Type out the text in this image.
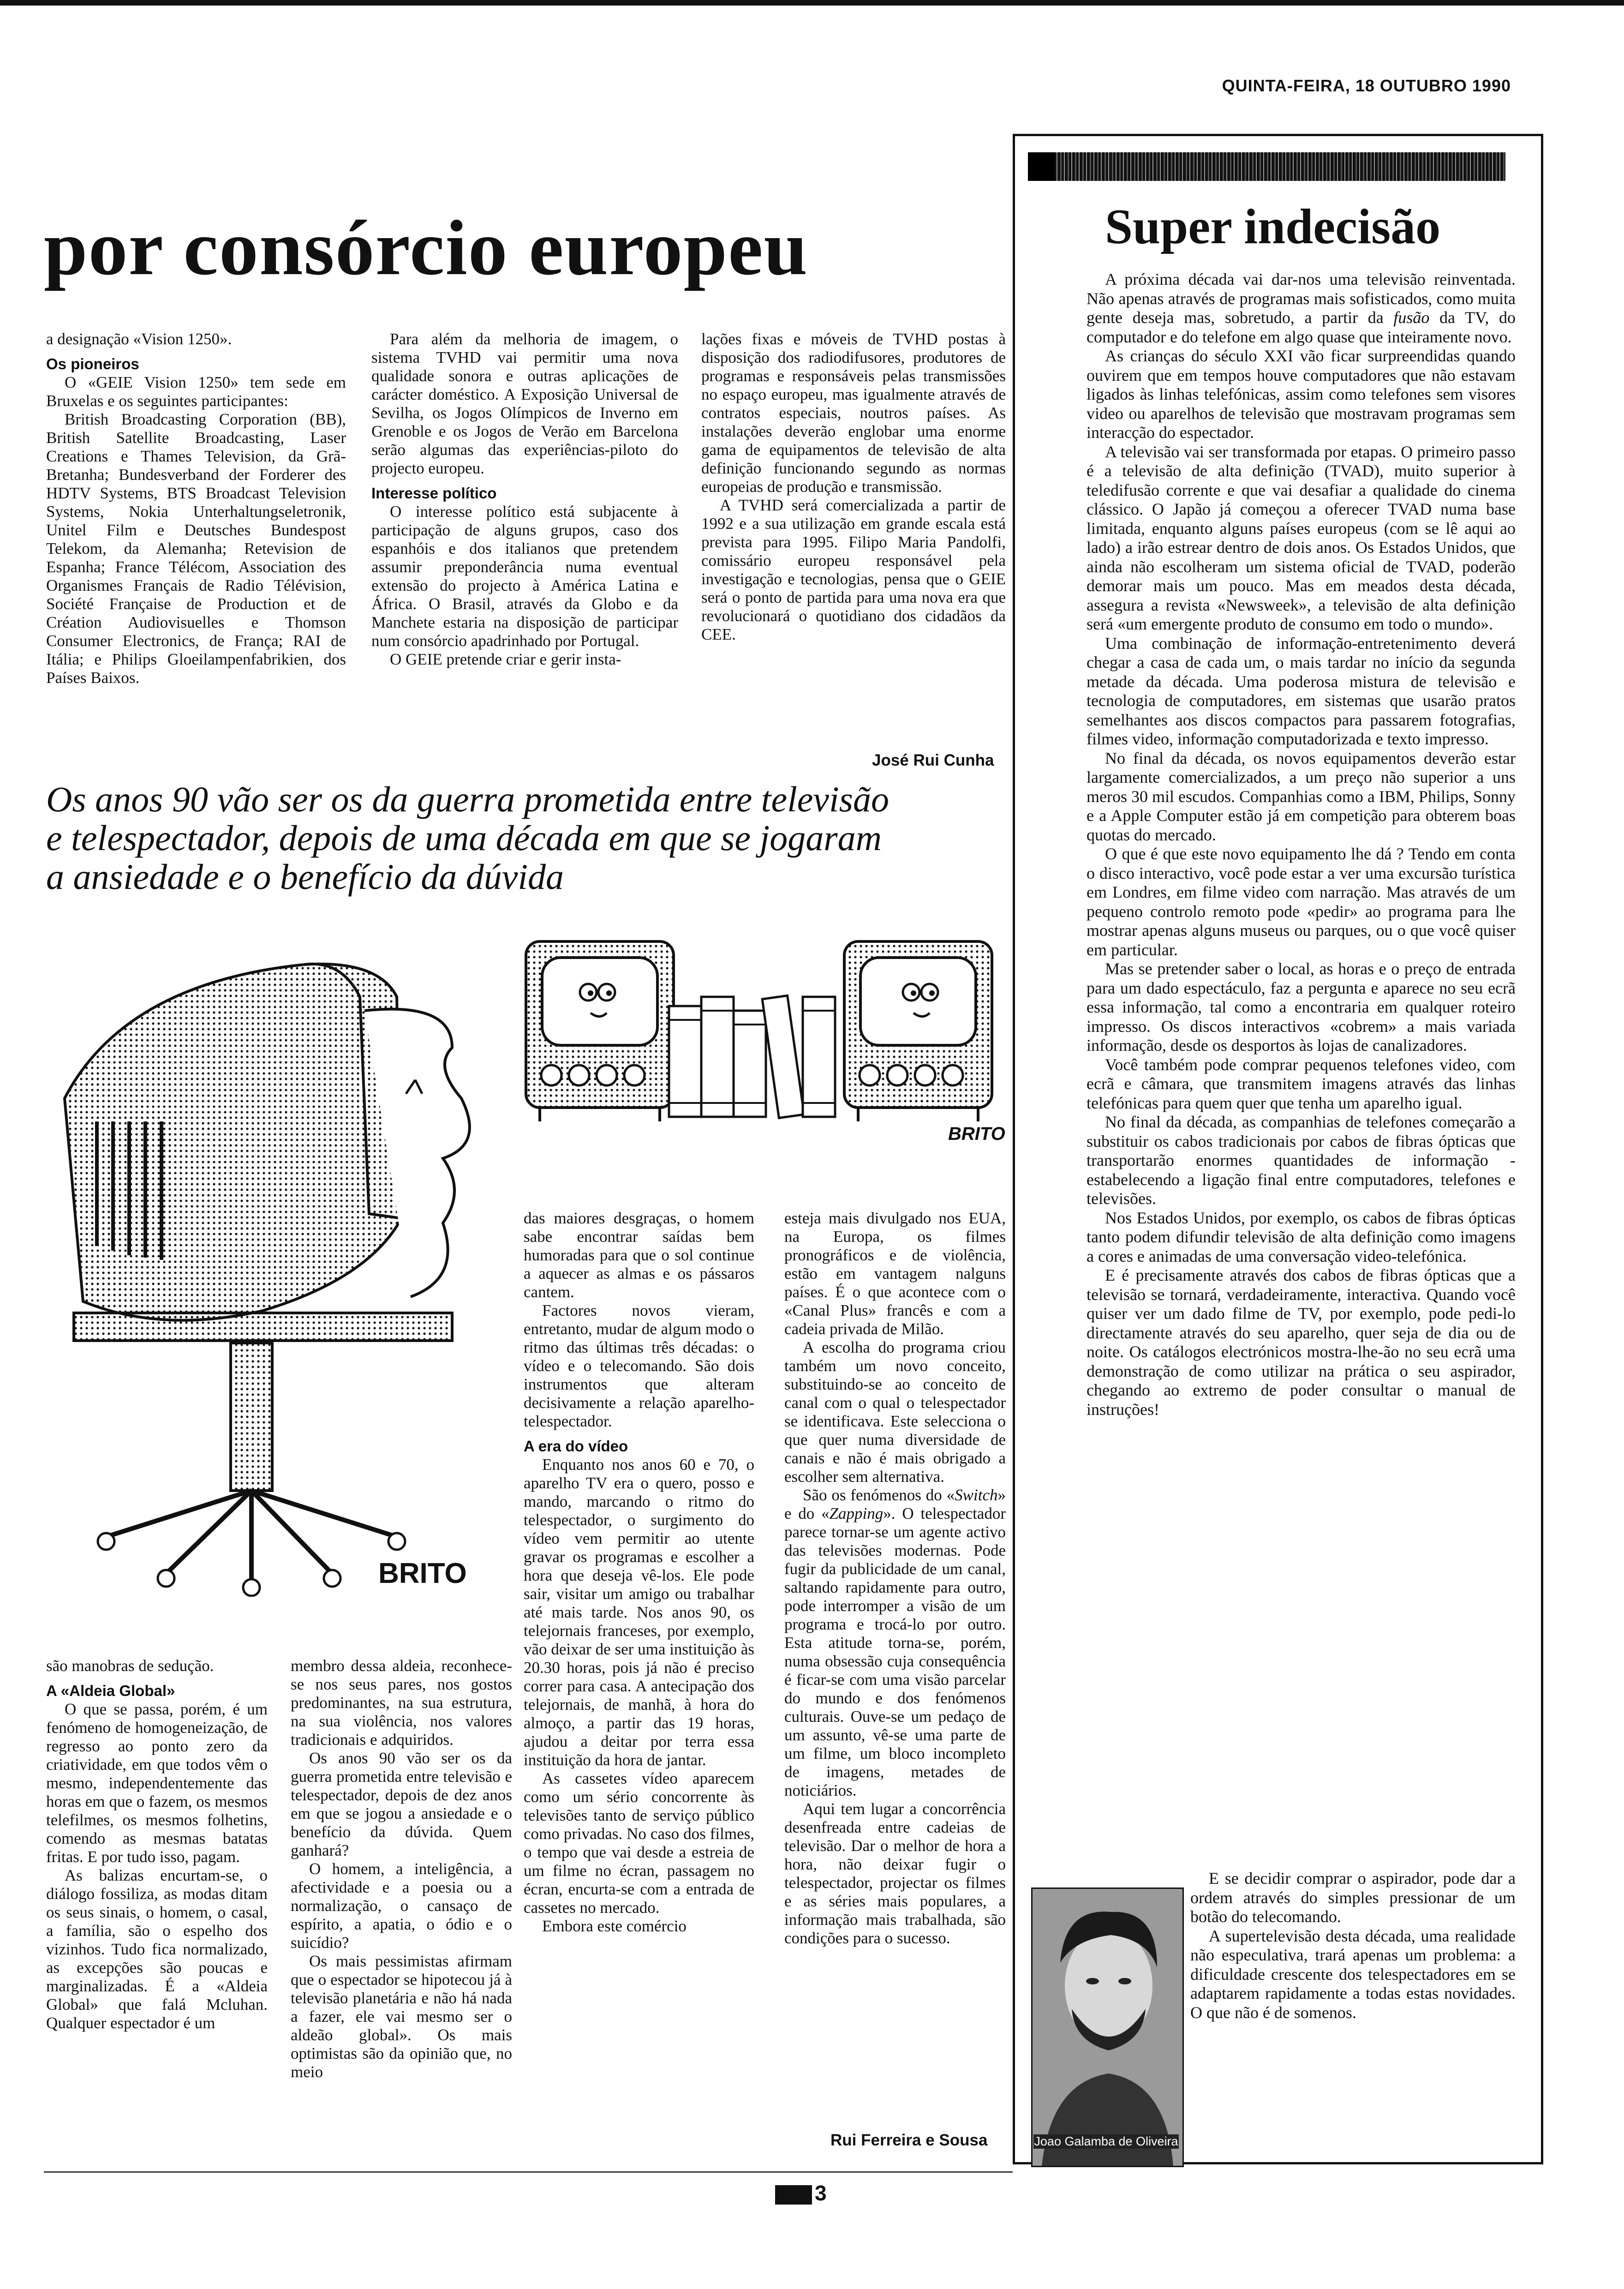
QUINTA-FEIRA, 18 OUTUBRO 1990
por consórcio europeu

a designação «Vision 1250».

Os pioneiros

O «GEIE Vision 1250» tem sede em Bruxelas e os seguintes participantes:

British Broadcasting Corporation (BB), British Satellite Broadcasting, Laser Creations e Thames Television, da Grã-Bretanha; Bundesverband der Forderer des HDTV Systems, BTS Broadcast Television Systems, Nokia Unterhaltungseletronik, Unitel Film e Deutsches Bundespost Telekom, da Alemanha; Retevision de Espanha; France Télécom, Association des Organismes Français de Radio Télévision, Société Française de Production et de Création Audiovisuelles e Thomson Consumer Electronics, de França; RAI de Itália; e Philips Gloeilampenfabrikien, dos Países Baixos.

Para além da melhoria de imagem, o sistema TVHD vai permitir uma nova qualidade sonora e outras aplicações de carácter doméstico. A Exposição Universal de Sevilha, os Jogos Olímpicos de Inverno em Grenoble e os Jogos de Verão em Barcelona serão algumas das experiências-piloto do projecto europeu.

Interesse político

O interesse político está subjacente à participação de alguns grupos, caso dos espanhóis e dos italianos que pretendem assumir preponderância numa eventual extensão do projecto à América Latina e África. O Brasil, através da Globo e da Manchete estaria na disposição de participar num consórcio apadrinhado por Portugal.

O GEIE pretende criar e gerir insta-

lações fixas e móveis de TVHD postas à disposição dos radiodifusores, produtores de programas e responsáveis pelas transmissões no espaço europeu, mas igualmente através de contratos especiais, noutros países. As instalações deverão englobar uma enorme gama de equipamentos de televisão de alta definição funcionando segundo as normas europeias de produção e transmissão.

A TVHD será comercializada a partir de 1992 e a sua utilização em grande escala está prevista para 1995. Filipo Maria Pandolfi, comissário europeu responsável pela investigação e tecnologias, pensa que o GEIE será o ponto de partida para uma nova era que revolucionará o quotidiano dos cidadãos da CEE.

José Rui Cunha
Os anos 90 vão ser os da guerra prometida entre televisão
e telespectador, depois de uma década em que se jogaram
a ansiedade e o benefício da dúvida
BRITO
BRITO

das maiores desgraças, o homem sabe encontrar saídas bem humoradas para que o sol continue a aquecer as almas e os pássaros cantem.

Factores novos vieram, entretanto, mudar de algum modo o ritmo das últimas três décadas: o vídeo e o telecomando. São dois instrumentos que alteram decisivamente a relação aparelho-telespectador.

A era do vídeo

Enquanto nos anos 60 e 70, o aparelho TV era o quero, posso e mando, marcando o ritmo do telespectador, o surgimento do vídeo vem permitir ao utente gravar os programas e escolher a hora que deseja vê-los. Ele pode sair, visitar um amigo ou trabalhar até mais tarde. Nos anos 90, os telejornais franceses, por exemplo, vão deixar de ser uma instituição às 20.30 horas, pois já não é preciso correr para casa. A antecipação dos telejornais, de manhã, à hora do almoço, a partir das 19 horas, ajudou a deitar por terra essa instituição da hora de jantar.

As cassetes vídeo aparecem como um sério concorrente às televisões tanto de serviço público como privadas. No caso dos filmes, o tempo que vai desde a estreia de um filme no écran, passagem no écran, encurta-se com a entrada de cassetes no mercado.

Embora este comércio

esteja mais divulgado nos EUA, na Europa, os filmes pronográficos e de violência, estão em vantagem nalguns países. É o que acontece com o «Canal Plus» francês e com a cadeia privada de Milão.

A escolha do programa criou também um novo conceito, substituindo-se ao conceito de canal com o qual o telespectador se identificava. Este selecciona o que quer numa diversidade de canais e não é mais obrigado a escolher sem alternativa.

São os fenómenos do «Switch» e do «Zapping». O telespectador parece tornar-se um agente activo das televisões modernas. Pode fugir da publicidade de um canal, saltando rapidamente para outro, pode interromper a visão de um programa e trocá-lo por outro. Esta atitude torna-se, porém, numa obsessão cuja consequência é ficar-se com uma visão parcelar do mundo e dos fenómenos culturais. Ouve-se um pedaço de um assunto, vê-se uma parte de um filme, um bloco incompleto de imagens, metades de noticiários.

Aqui tem lugar a concorrência desenfreada entre cadeias de televisão. Dar o melhor de hora a hora, não deixar fugir o telespectador, projectar os filmes e as séries mais populares, a informação mais trabalhada, são condições para o sucesso.

Rui Ferreira e Sousa

são manobras de sedução.

A «Aldeia Global»

O que se passa, porém, é um fenómeno de homogeneização, de regresso ao ponto zero da criatividade, em que todos vêm o mesmo, independentemente das horas em que o fazem, os mesmos telefilmes, os mesmos folhetins, comendo as mesmas batatas fritas. E por tudo isso, pagam.

As balizas encurtam-se, o diálogo fossiliza, as modas ditam os seus sinais, o homem, o casal, a família, são o espelho dos vizinhos. Tudo fica normalizado, as excepções são poucas e marginalizadas. É a «Aldeia Global» que falá Mcluhan. Qualquer espectador é um

membro dessa aldeia, reconhece-se nos seus pares, nos gostos predominantes, na sua estrutura, na sua violência, nos valores tradicionais e adquiridos.

Os anos 90 vão ser os da guerra prometida entre televisão e telespectador, depois de dez anos em que se jogou a ansiedade e o benefício da dúvida. Quem ganhará?

O homem, a inteligência, a afectividade e a poesia ou a normalização, o cansaço de espírito, a apatia, o ódio e o suicídio?

Os mais pessimistas afirmam que o espectador se hipotecou já à televisão planetária e não há nada a fazer, ele vai mesmo ser o aldeão global». Os mais optimistas são da opinião que, no meio

Super indecisão

A próxima década vai dar-nos uma televisão reinventada. Não apenas através de programas mais sofisticados, como muita gente deseja mas, sobretudo, a partir da fusão da TV, do computador e do telefone em algo quase que inteiramente novo.

As crianças do século XXI vão ficar surpreendidas quando ouvirem que em tempos houve computadores que não estavam ligados às linhas telefónicas, assim como telefones sem visores video ou aparelhos de televisão que mostravam programas sem interacção do espectador.

A televisão vai ser transformada por etapas. O primeiro passo é a televisão de alta definição (TVAD), muito superior à teledifusão corrente e que vai desafiar a qualidade do cinema clássico. O Japão já começou a oferecer TVAD numa base limitada, enquanto alguns países europeus (com se lê aqui ao lado) a irão estrear dentro de dois anos. Os Estados Unidos, que ainda não escolheram um sistema oficial de TVAD, poderão demorar mais um pouco. Mas em meados desta década, assegura a revista «Newsweek», a televisão de alta definição será «um emergente produto de consumo em todo o mundo».

Uma combinação de informação-entretenimento deverá chegar a casa de cada um, o mais tardar no início da segunda metade da década. Uma poderosa mistura de televisão e tecnologia de computadores, em sistemas que usarão pratos semelhantes aos discos compactos para passarem fotografias, filmes video, informação computadorizada e texto impresso.

No final da década, os novos equipamentos deverão estar largamente comercializados, a um preço não superior a uns meros 30 mil escudos. Companhias como a IBM, Philips, Sonny e a Apple Computer estão já em competição para obterem boas quotas do mercado.

O que é que este novo equipamento lhe dá ? Tendo em conta o disco interactivo, você pode estar a ver uma excursão turística em Londres, em filme video com narração. Mas através de um pequeno controlo remoto pode «pedir» ao programa para lhe mostrar apenas alguns museus ou parques, ou o que você quiser em particular.

Mas se pretender saber o local, as horas e o preço de entrada para um dado espectáculo, faz a pergunta e aparece no seu ecrã essa informação, tal como a encontraria em qualquer roteiro impresso. Os discos interactivos «cobrem» a mais variada informação, desde os desportos às lojas de canalizadores.

Você também pode comprar pequenos telefones video, com ecrã e câmara, que transmitem imagens através das linhas telefónicas para quem quer que tenha um aparelho igual.

No final da década, as companhias de telefones começarão a substituir os cabos tradicionais por cabos de fibras ópticas que transportarão enormes quantidades de informação - estabelecendo a ligação final entre computadores, telefones e televisões.

Nos Estados Unidos, por exemplo, os cabos de fibras ópticas tanto podem difundir televisão de alta definição como imagens a cores e animadas de uma conversação video-telefónica.

E é precisamente através dos cabos de fibras ópticas que a televisão se tornará, verdadeiramente, interactiva. Quando você quiser ver um dado filme de TV, por exemplo, pode pedi-lo directamente através do seu aparelho, quer seja de dia ou de noite. Os catálogos electrónicos mostra-lhe-ão no seu ecrã uma demonstração de como utilizar na prática o seu aspirador, chegando ao extremo de poder consultar o manual de instruções!

E se decidir comprar o aspirador, pode dar a ordem através do simples pressionar de um botão do telecomando.

A supertelevisão desta década, uma realidade não especulativa, trará apenas um problema: a dificuldade crescente dos telespectadores em se adaptarem rapidamente a todas estas novidades. O que não é de somenos.

Joao Galamba de Oliveira
3
